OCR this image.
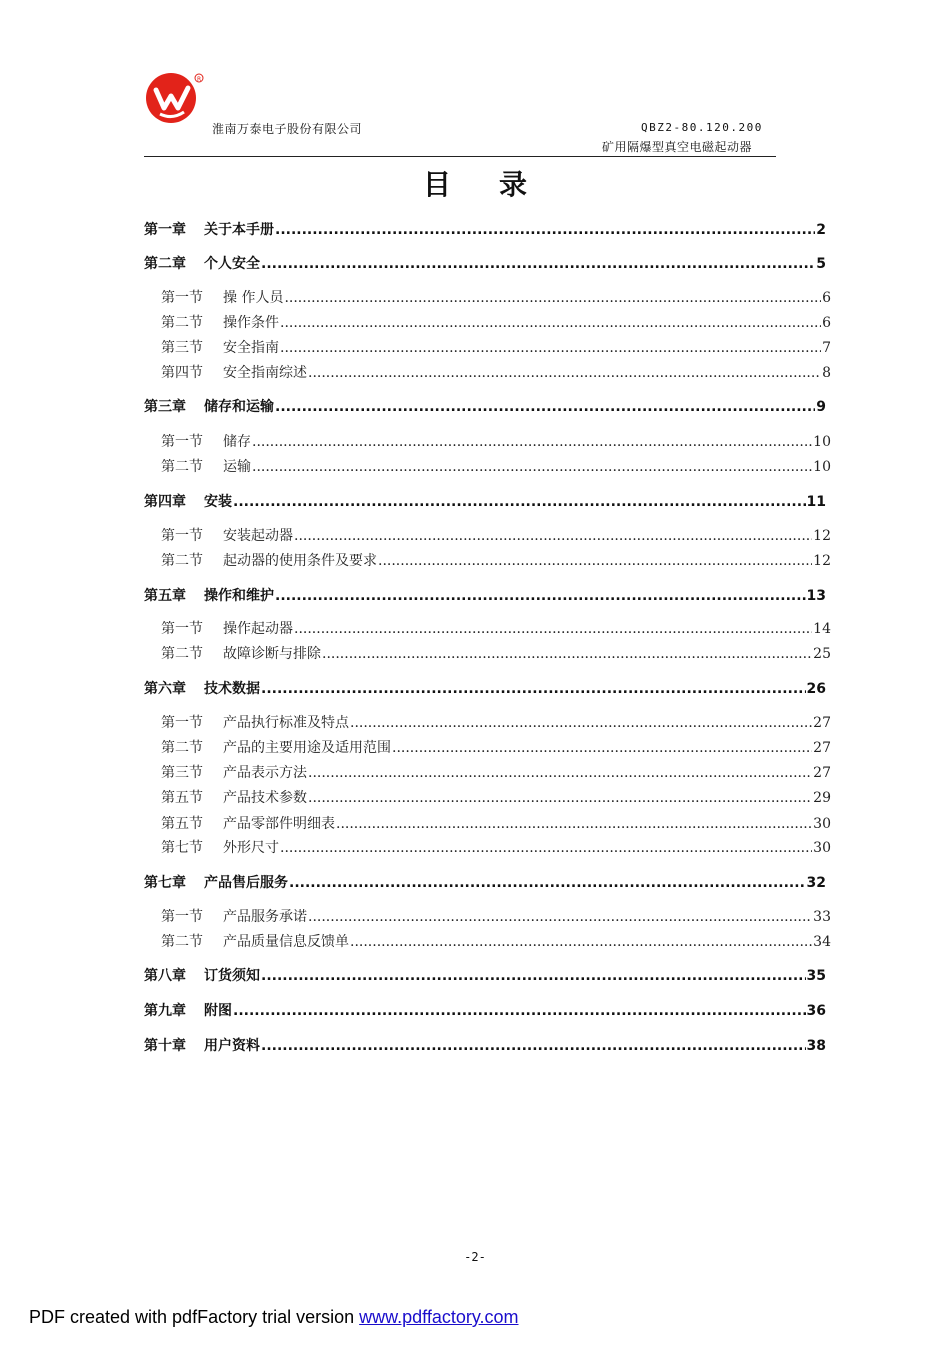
R
淮南万泰电子股份有限公司	QBZ2-80.120.200
矿用隔爆型真空电磁起动器
目 录
第一章 关于本手册 .....	2
第二章 个人安全 .....	5
第一节 操 作人员 .....	6
第二节 操作条件 .....	6
第三节 安全指南 .....	7
第四节 安全指南综述 .....	8
第三章 储存和运输 .....	9
第一节 储存 .....	10
第二节 运输 .....	10
第四章 安装 .....	11
第一节 安装起动器 .....	12
第二节 起动器的使用条件及要求 .....	12
第五章 操作和维护 .....	13
第一节 操作起动器 .....	14
第二节 故障诊断与排除 .....	25
第六章 技术数据 .....	26
第一节 产品执行标准及特点 .....	27
第二节 产品的主要用途及适用范围 .....	27
第三节 产品表示方法 .....	27
第五节 产品技术参数 .....	29
第五节 产品零部件明细表 .....	30
第七节 外形尺寸 .....	30
第七章 产品售后服务 .....	32
第一节 产品服务承诺 .....	33
第二节 产品质量信息反馈单 .....	34
第八章 订货须知 .....	35
第九章 附图 .....	36
第十章 用户资料 .....	38
-2-
PDF created with pdfFactory trial version www.pdffactory.com
